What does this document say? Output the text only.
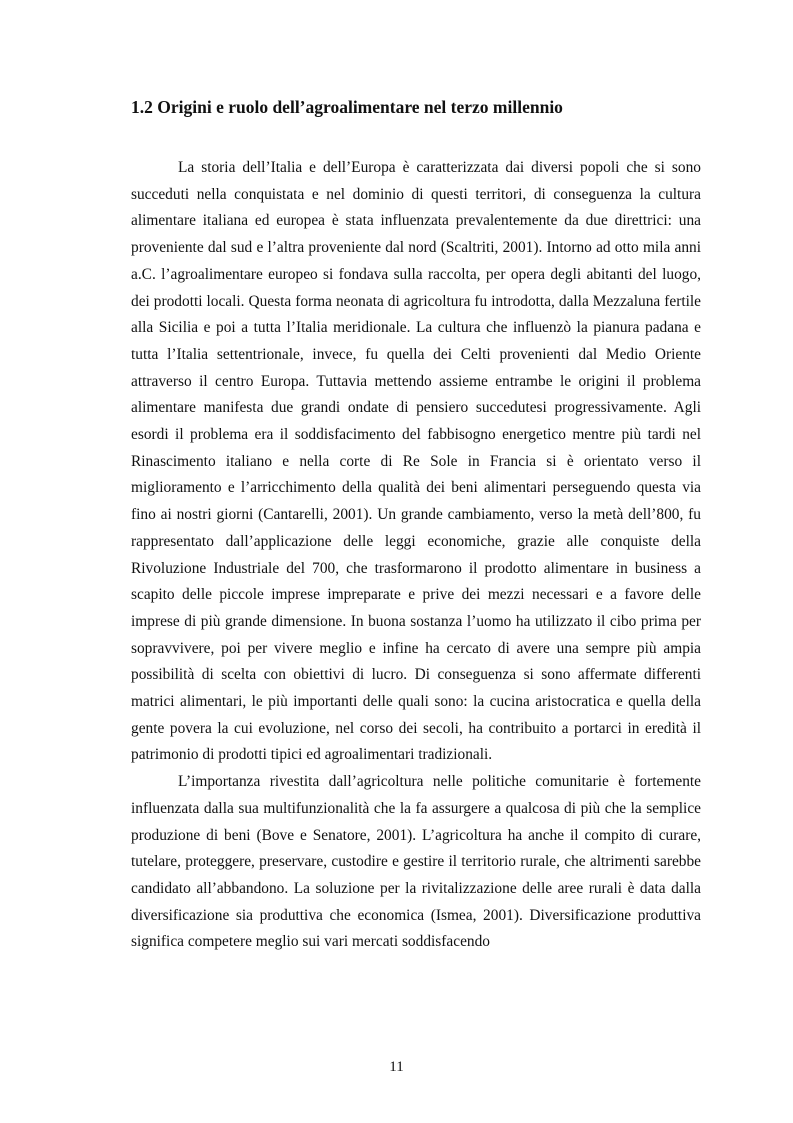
1.2 Origini e ruolo dell’agroalimentare nel terzo millennio

La storia dell’Italia e dell’Europa è caratterizzata dai diversi popoli che si sono succeduti nella conquistata e nel dominio di questi territori, di conseguenza la cultura alimentare italiana ed europea è stata influenzata prevalentemente da due direttrici: una proveniente dal sud e l’altra proveniente dal nord (Scaltriti, 2001). Intorno ad otto mila anni a.C. l’agroalimentare europeo si fondava sulla raccolta, per opera degli abitanti del luogo, dei prodotti locali. Questa forma neonata di agricoltura fu introdotta, dalla Mezzaluna fertile alla Sicilia e poi a tutta l’Italia meridionale. La cultura che influenzò la pianura padana e tutta l’Italia settentrionale, invece, fu quella dei Celti provenienti dal Medio Oriente attraverso il centro Europa. Tuttavia mettendo assieme entrambe le origini il problema alimentare manifesta due grandi ondate di pensiero succedutesi progressivamente. Agli esordi il problema era il soddisfacimento del fabbisogno energetico mentre più tardi nel Rinascimento italiano e nella corte di Re Sole in Francia si è orientato verso il miglioramento e l’arricchimento della qualità dei beni alimentari perseguendo questa via fino ai nostri giorni (Cantarelli, 2001). Un grande cambiamento, verso la metà dell’800, fu rappresentato dall’applicazione delle leggi economiche, grazie alle conquiste della Rivoluzione Industriale del 700, che trasformarono il prodotto alimentare in business a scapito delle piccole imprese impreparate e prive dei mezzi necessari e a favore delle imprese di più grande dimensione. In buona sostanza l’uomo ha utilizzato il cibo prima per sopravvivere, poi per vivere meglio e infine ha cercato di avere una sempre più ampia possibilità di scelta con obiettivi di lucro. Di conseguenza si sono affermate differenti matrici alimentari, le più importanti delle quali sono: la cucina aristocratica e quella della gente povera la cui evoluzione, nel corso dei secoli, ha contribuito a portarci in eredità il patrimonio di prodotti tipici ed agroalimentari tradizionali.

L’importanza rivestita dall’agricoltura nelle politiche comunitarie è fortemente influenzata dalla sua multifunzionalità che la fa assurgere a qualcosa di più che la semplice produzione di beni (Bove e Senatore, 2001). L’agricoltura ha anche il compito di curare, tutelare, proteggere, preservare, custodire e gestire il territorio rurale, che altrimenti sarebbe candidato all’abbandono. La soluzione per la rivitalizzazione delle aree rurali è data dalla diversificazione sia produttiva che economica (Ismea, 2001). Diversificazione produttiva significa competere meglio sui vari mercati soddisfacendo

11
